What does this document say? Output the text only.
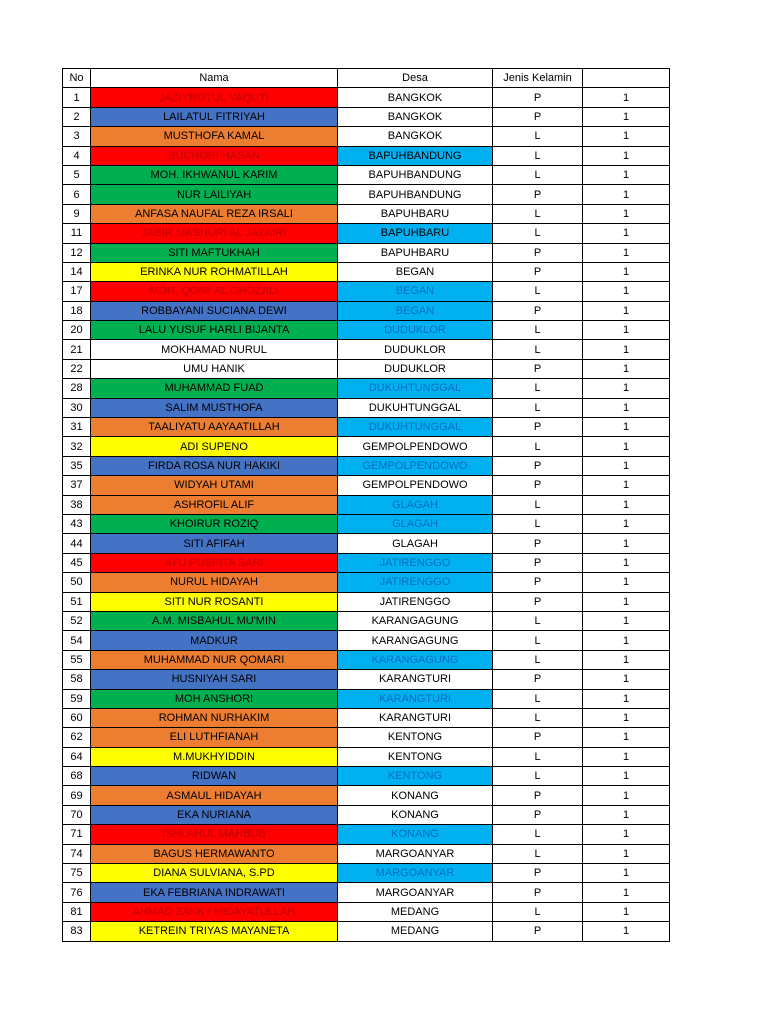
No	Nama	Desa	Jenis Kelamin	
1	JAZIYROTUL YAQUTI	BANGKOK	P	1
2	LAILATUL FITRIYAH	BANGKOK	P	1
3	MUSTHOFA KAMAL	BANGKOK	L	1
4	BUCHORI HASAN	BAPUHBANDUNG	L	1
5	MOH. IKHWANUL KARIM	BAPUHBANDUNG	L	1
6	NUR LAILIYAH	BAPUHBANDUNG	P	1
9	ANFASA NAUFAL REZA IRSALI	BAPUHBARU	L	1
11	JABIR MASHURI AL JAZAIRI	BAPUHBARU	L	1
12	SITI MAFTUKHAH	BAPUHBARU	P	1
14	ERINKA NUR ROHMATILLAH	BEGAN	P	1
17	MOH. QONI' AL GHOZALI	BEGAN	L	1
18	ROBBAYANI SUCIANA DEWI	BEGAN	P	1
20	LALU YUSUF HARLI BIJANTA	DUDUKLOR	L	1
21	MOKHAMAD NURUL	DUDUKLOR	L	1
22	UMU HANIK	DUDUKLOR	P	1
28	MUHAMMAD FUAD	DUKUHTUNGGAL	L	1
30	SALIM MUSTHOFA	DUKUHTUNGGAL	L	1
31	TAALIYATU AAYAATILLAH	DUKUHTUNGGAL	P	1
32	ADI SUPENO	GEMPOLPENDOWO	L	1
35	FIRDA ROSA NUR HAKIKI	GEMPOLPENDOWO	P	1
37	WIDYAH UTAMI	GEMPOLPENDOWO	P	1
38	ASHROFIL ALIF	GLAGAH	L	1
43	KHOIRUR ROZIQ	GLAGAH	L	1
44	SITI AFIFAH	GLAGAH	P	1
45	AYU PUSPITA SARI	JATIRENGGO	P	1
50	NURUL HIDAYAH	JATIRENGGO	P	1
51	SITI NUR ROSANTI	JATIRENGGO	P	1
52	A.M. MISBAHUL MU'MIN	KARANGAGUNG	L	1
54	MADKUR	KARANGAGUNG	L	1
55	MUHAMMAD NUR QOMARI	KARANGAGUNG	L	1
58	HUSNIYAH SARI	KARANGTURI	P	1
59	MOH ANSHORI	KARANGTURI	L	1
60	ROHMAN NURHAKIM	KARANGTURI	L	1
62	ELI LUTHFIANAH	KENTONG	P	1
64	M.MUKHYIDDIN	KENTONG	L	1
68	RIDWAN	KENTONG	L	1
69	ASMAUL HIDAYAH	KONANG	P	1
70	EKA NURIANA	KONANG	P	1
71	ISHLAHUL MAHBUB	KONANG	L	1
74	BAGUS HERMAWANTO	MARGOANYAR	L	1
75	DIANA SULVIANA, S.PD	MARGOANYAR	P	1
76	EKA FEBRIANA INDRAWATI	MARGOANYAR	P	1
81	AHMAD ZAKKY HIDAYATULLAH	MEDANG	L	1
83	KETREIN TRIYAS MAYANETA	MEDANG	P	1
